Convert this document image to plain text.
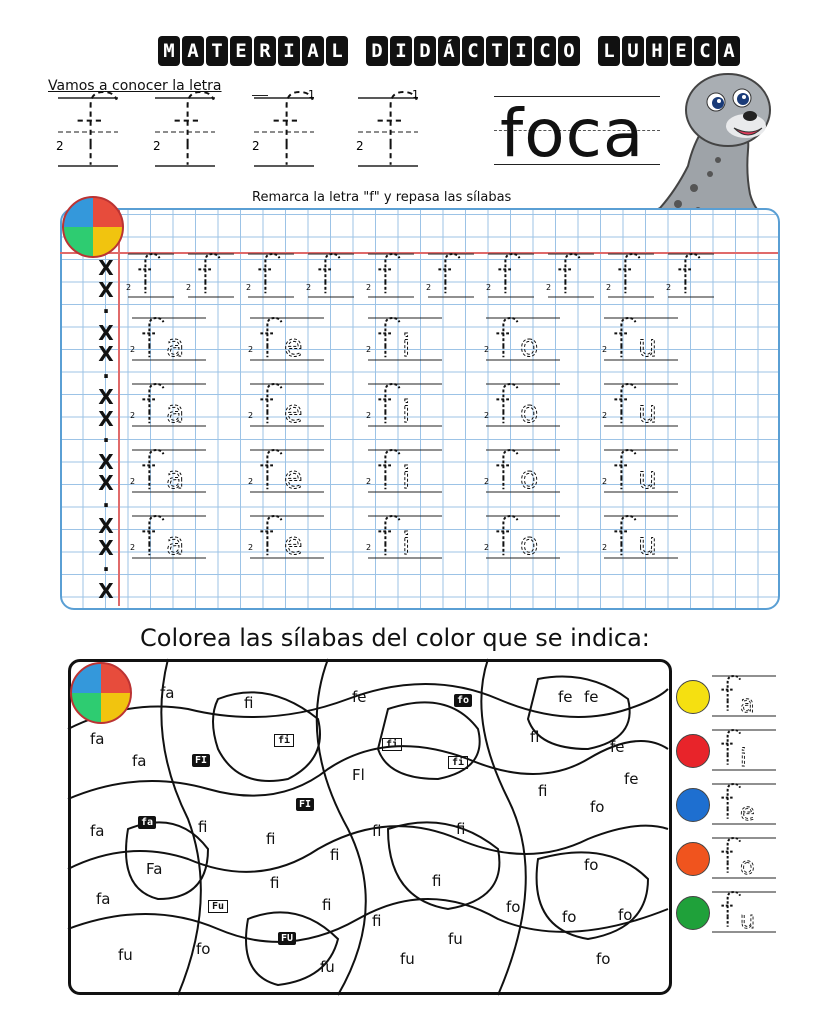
M A T E R I A L D I D Á C T I C O L U H E C A
Vamos a conocer la letra
2	2	2
1
2
1
foca
Remarca la letra "f" y repasa las sílabas
X
X
·
X
X
·
X
X
·
X
X
·
X
X
·
X
2	2	2	2	2	2	2	2	2	2
a
2	e
2	i
2	o
2	u
2
a
2	e
2	i
2	o
2	u
2
a
2	e
2	i
2	o
2	u
2
a
2	e
2	i
2	o
2	u
2
Colorea las sílabas del color que se indica:
fa
fi	fe	fe
fe
fa
fa
Fl
fl
fe
fe
fa	fi
fi
fi
fi	fi
fi
fo
Fa
fi	fi
fi	fo
fo
fa
fi
fu
fo
fu	fo
fu	fo
fu
fo
fo
FI
fi	fi
fi
FI
fa
Fu
FU
a
i
e
o
u
